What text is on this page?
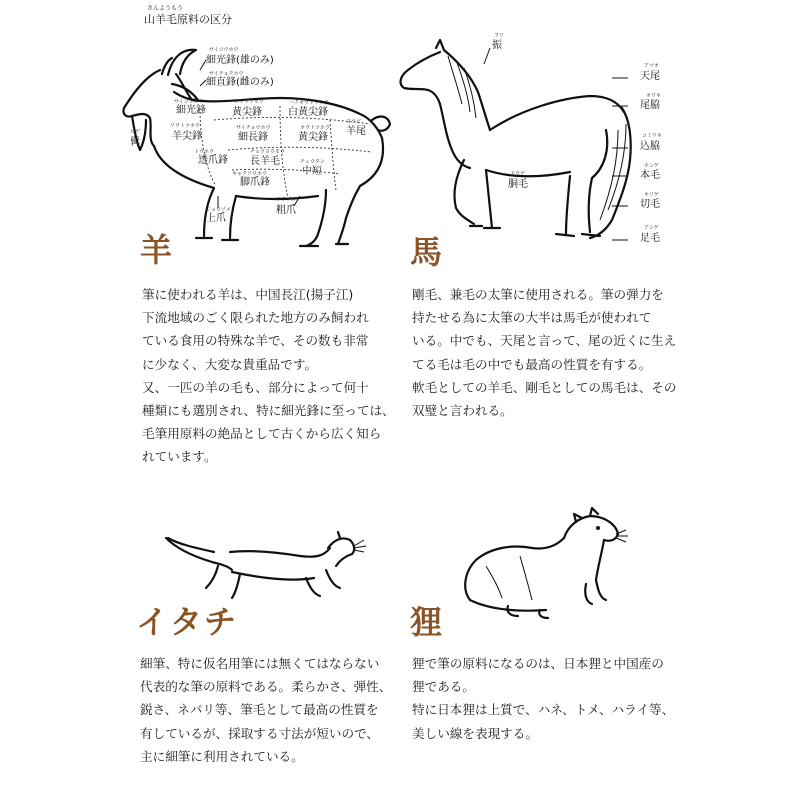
さんようもう
山羊毛原料の区分
サイコウホウ
細光鋒(雄のみ)
サイチョクホウ
細直鋒(雌のみ)
サイコウホウ
細光鋒
オウトツホウ
黄尖鋒
ハクオウトツホウ
白黄尖鋒
ヒゲ
髯
ソウトツホウ
羊尖鋒
サイチョウホウ
細長鋒
オウトツホウ
黄尖鋒
ヨウビ
羊尾
トウホウ
透爪鋒
チョウヨウモウ
長羊毛	チュウタン
中短
キャクソウホウ
脚爪鋒
アラヅメ
粗爪
ジョウヅメ
上爪
羊
筆に使われる羊は、中国長江(揚子江)
下流地域のごく限られた地方のみ飼われ
ている食用の特殊な羊で、その数も非常
に少なく、大変な貴重品です。
又、一匹の羊の毛も、部分によって何十
種類にも選別され、特に細光鋒に至っては、
毛筆用原料の絶品として古くから広く知ら
れています。
フリ
振
アマオ
天尾
オワキ
尾脇
コミワキ
込脇
ホンゲ
本毛
ドウゲ
胴毛
キリゲ
切毛
アシゲ
足毛
馬
剛毛、兼毛の太筆に使用される。筆の弾力を
持たせる為に太筆の大半は馬毛が使われて
いる。中でも、天尾と言って、尾の近くに生え
てる毛は毛の中でも最高の性質を有する。
軟毛としての羊毛、剛毛としての馬毛は、その
双璧と言われる。
イタチ
細筆、特に仮名用筆には無くてはならない
代表的な筆の原料である。柔らかさ、弾性、
鋭さ、ネバリ等、筆毛として最高の性質を
有しているが、採取する寸法が短いので、
主に細筆に利用されている。
狸
狸で筆の原料になるのは、日本狸と中国産の
狸である。
特に日本狸は上質で、ハネ、トメ、ハライ等、
美しい線を表現する。
